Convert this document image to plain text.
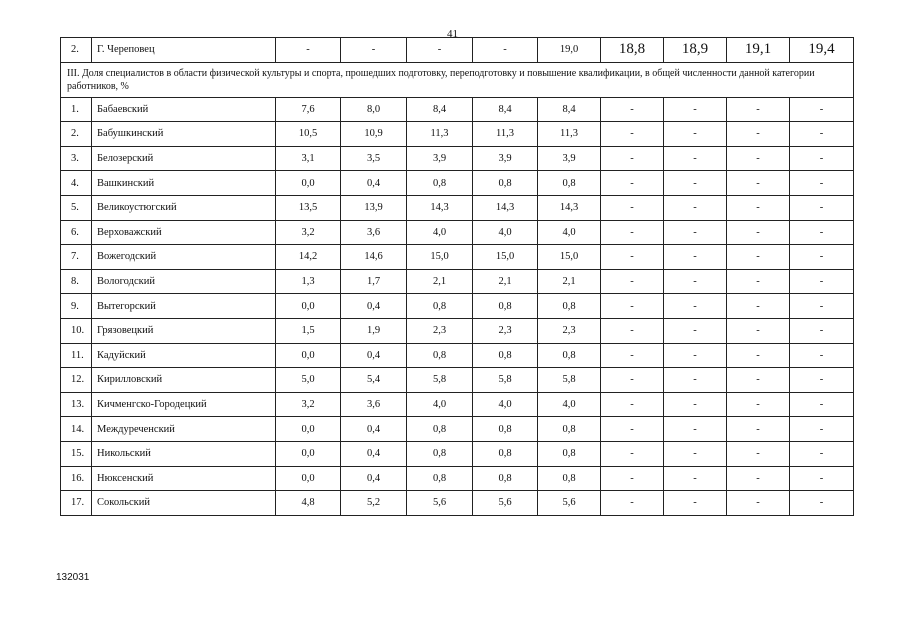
41
2.	Г. Череповец	-	-	-	-	19,0	18,8	18,9	19,1	19,4
III. Доля специалистов в области физической культуры и спорта, прошедших подготовку, переподготовку и повышение квалификации, в общей численности данной категории работников, %										
1.	Бабаевский	7,6	8,0	8,4	8,4	8,4	-	-	-	-
2.	Бабушкинский	10,5	10,9	11,3	11,3	11,3	-	-	-	-
3.	Белозерский	3,1	3,5	3,9	3,9	3,9	-	-	-	-
4.	Вашкинский	0,0	0,4	0,8	0,8	0,8	-	-	-	-
5.	Великоустюгский	13,5	13,9	14,3	14,3	14,3	-	-	-	-
6.	Верховажский	3,2	3,6	4,0	4,0	4,0	-	-	-	-
7.	Вожегодский	14,2	14,6	15,0	15,0	15,0	-	-	-	-
8.	Вологодский	1,3	1,7	2,1	2,1	2,1	-	-	-	-
9.	Вытегорский	0,0	0,4	0,8	0,8	0,8	-	-	-	-
10.	Грязовецкий	1,5	1,9	2,3	2,3	2,3	-	-	-	-
11.	Кадуйский	0,0	0,4	0,8	0,8	0,8	-	-	-	-
12.	Кирилловский	5,0	5,4	5,8	5,8	5,8	-	-	-	-
13.	Кичменгско-Городецкий	3,2	3,6	4,0	4,0	4,0	-	-	-	-
14.	Междуреченский	0,0	0,4	0,8	0,8	0,8	-	-	-	-
15.	Никольский	0,0	0,4	0,8	0,8	0,8	-	-	-	-
16.	Нюксенский	0,0	0,4	0,8	0,8	0,8	-	-	-	-
17.	Сокольский	4,8	5,2	5,6	5,6	5,6	-	-	-	-
132031
